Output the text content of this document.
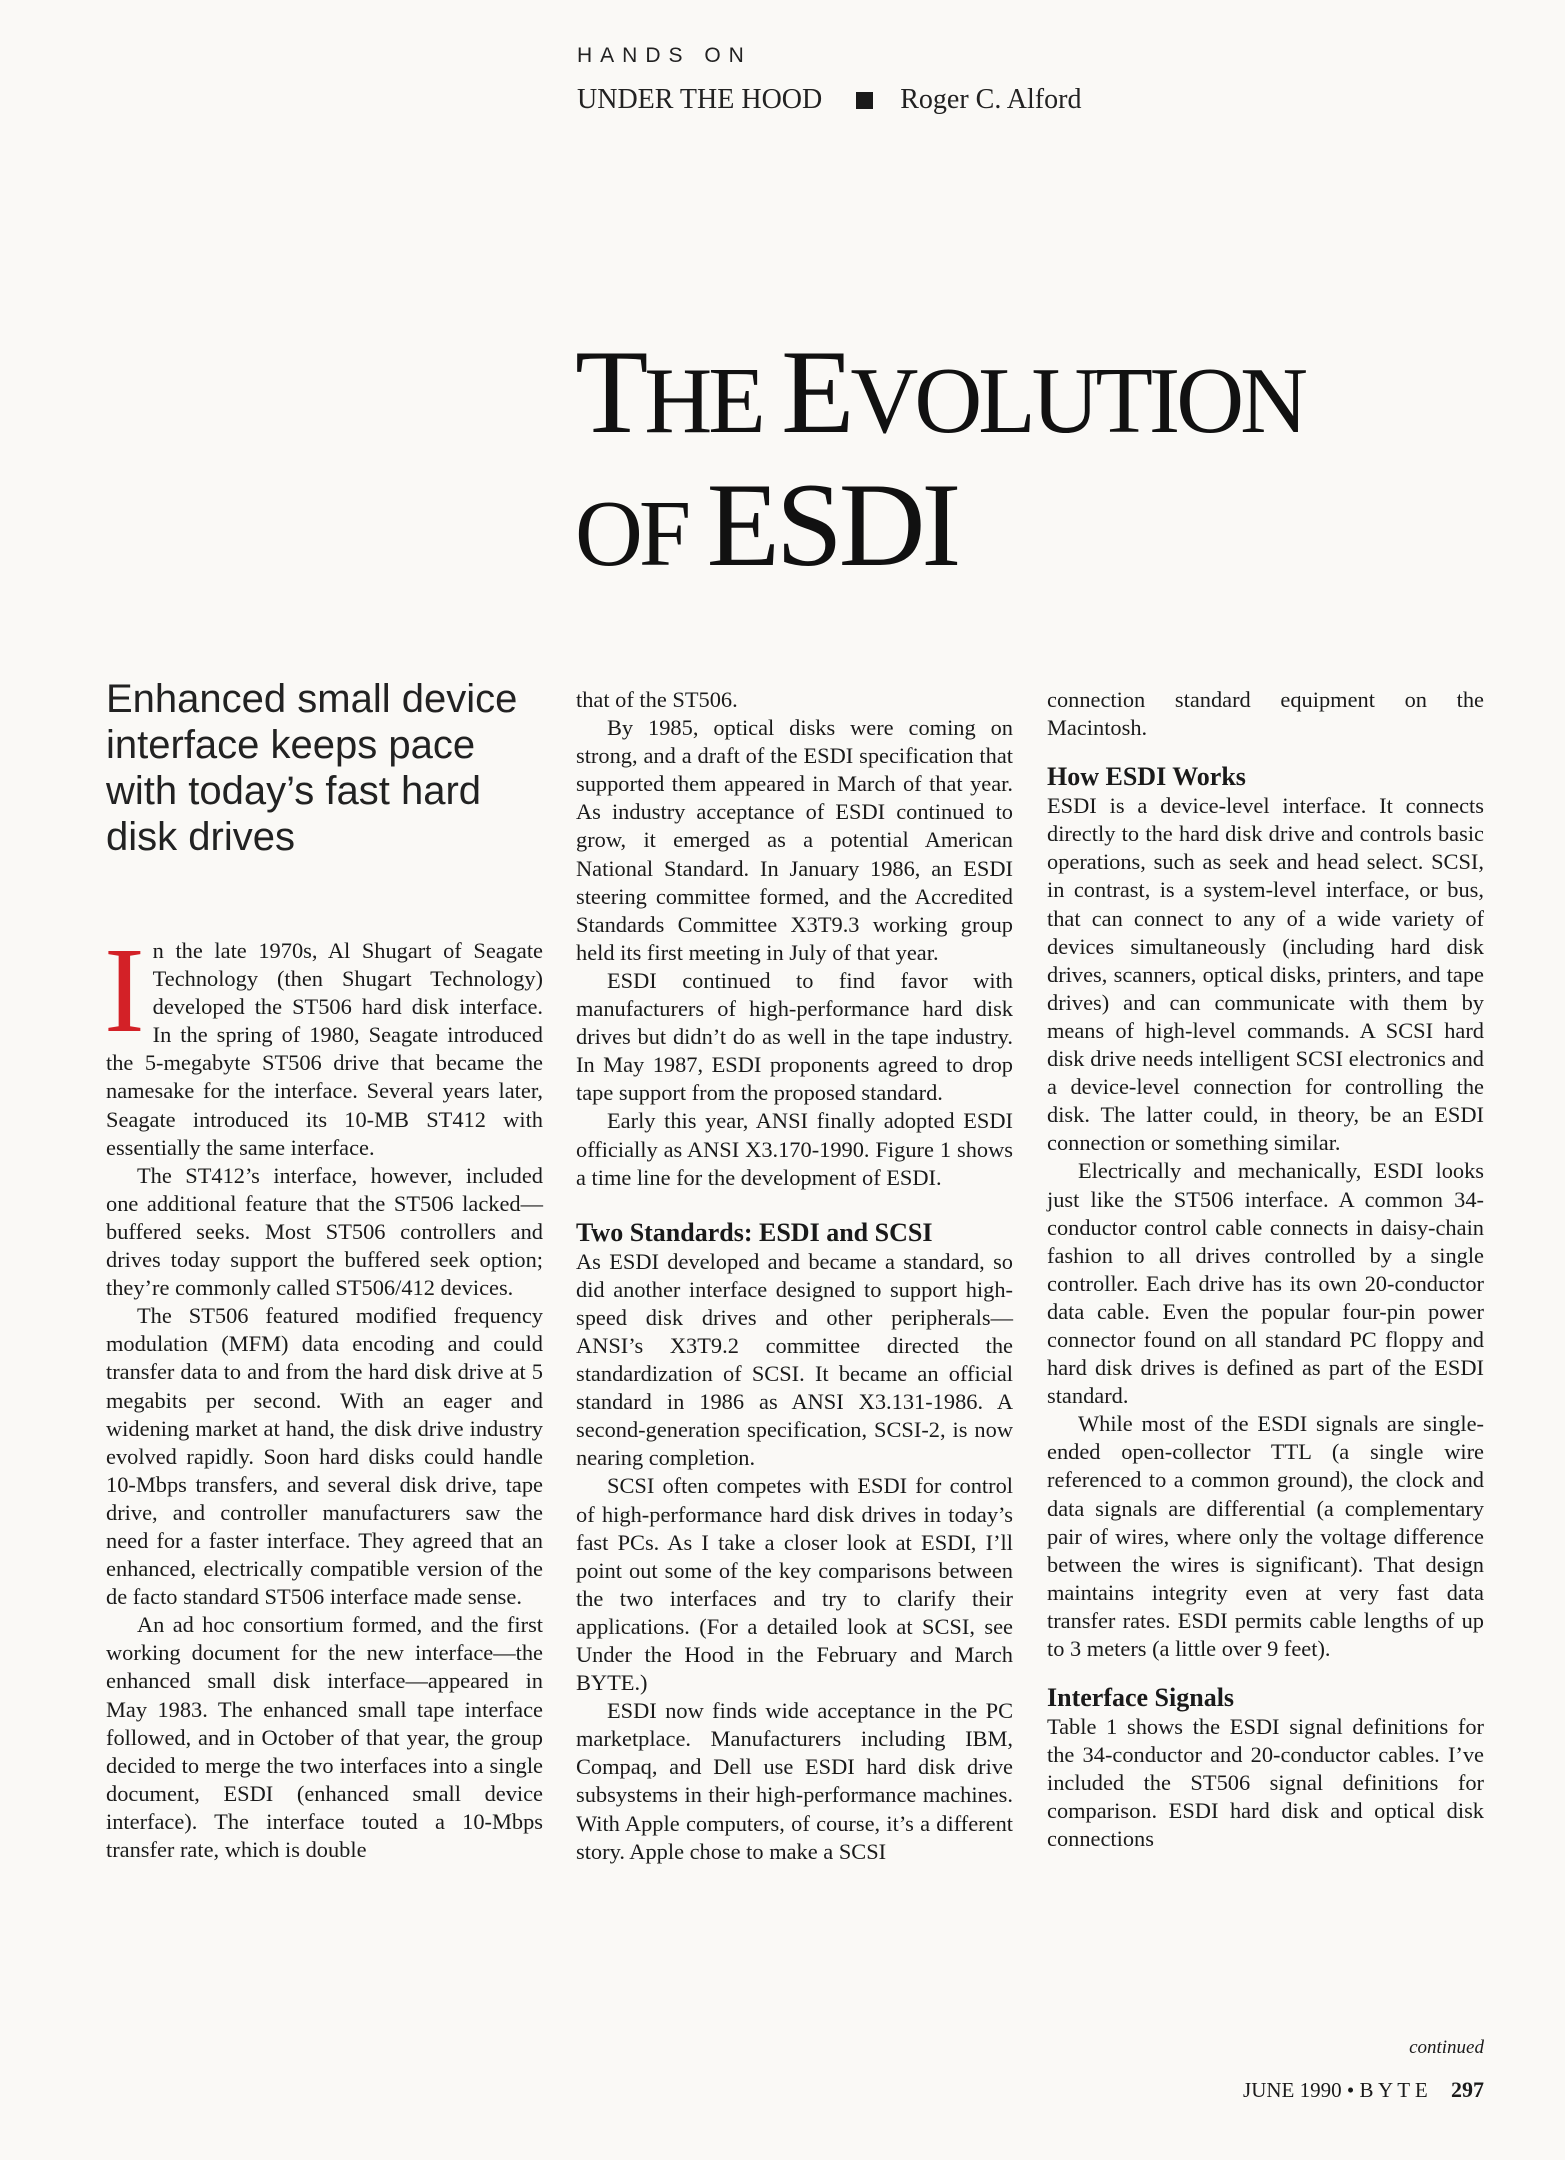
HANDS ON
UNDER THE HOOD	Roger C. Alford
THE EVOLUTION
OF ESDI
Enhanced small device interface keeps pace with today’s fast hard disk drives

In the late 1970s, Al Shugart of Seagate Technology (then Shugart Technology) developed the ST506 hard disk interface. In the spring of 1980, Seagate introduced the 5-megabyte ST506 drive that became the namesake for the interface. Several years later, Seagate introduced its 10-MB ST412 with essentially the same interface.

The ST412’s interface, however, included one additional feature that the ST506 lacked—buffered seeks. Most ST506 controllers and drives today support the buffered seek option; they’re commonly called ST506/412 devices.

The ST506 featured modified frequency modulation (MFM) data encoding and could transfer data to and from the hard disk drive at 5 megabits per second. With an eager and widening market at hand, the disk drive industry evolved rapidly. Soon hard disks could handle 10-Mbps transfers, and several disk drive, tape drive, and controller manufacturers saw the need for a faster interface. They agreed that an enhanced, electrically compatible version of the de facto standard ST506 interface made sense.

An ad hoc consortium formed, and the first working document for the new interface—the enhanced small disk interface—appeared in May 1983. The enhanced small tape interface followed, and in October of that year, the group decided to merge the two interfaces into a single document, ESDI (enhanced small device interface). The interface touted a 10-Mbps transfer rate, which is double

that of the ST506.

By 1985, optical disks were coming on strong, and a draft of the ESDI specification that supported them appeared in March of that year. As industry acceptance of ESDI continued to grow, it emerged as a potential American National Standard. In January 1986, an ESDI steering committee formed, and the Accredited Standards Committee X3T9.3 working group held its first meeting in July of that year.

ESDI continued to find favor with manufacturers of high-performance hard disk drives but didn’t do as well in the tape industry. In May 1987, ESDI proponents agreed to drop tape support from the proposed standard.

Early this year, ANSI finally adopted ESDI officially as ANSI X3.170-1990. Figure 1 shows a time line for the development of ESDI.

Two Standards: ESDI and SCSI

As ESDI developed and became a standard, so did another interface designed to support high-speed disk drives and other peripherals—ANSI’s X3T9.2 committee directed the standardization of SCSI. It became an official standard in 1986 as ANSI X3.131-1986. A second-generation specification, SCSI-2, is now nearing completion.

SCSI often competes with ESDI for control of high-performance hard disk drives in today’s fast PCs. As I take a closer look at ESDI, I’ll point out some of the key comparisons between the two interfaces and try to clarify their applications. (For a detailed look at SCSI, see Under the Hood in the February and March BYTE.)

ESDI now finds wide acceptance in the PC marketplace. Manufacturers including IBM, Compaq, and Dell use ESDI hard disk drive subsystems in their high-performance machines. With Apple computers, of course, it’s a different story. Apple chose to make a SCSI

connection standard equipment on the Macintosh.

How ESDI Works

ESDI is a device-level interface. It connects directly to the hard disk drive and controls basic operations, such as seek and head select. SCSI, in contrast, is a system-level interface, or bus, that can connect to any of a wide variety of devices simultaneously (including hard disk drives, scanners, optical disks, printers, and tape drives) and can communicate with them by means of high-level commands. A SCSI hard disk drive needs intelligent SCSI electronics and a device-level connection for controlling the disk. The latter could, in theory, be an ESDI connection or something similar.

Electrically and mechanically, ESDI looks just like the ST506 interface. A common 34-conductor control cable connects in daisy-chain fashion to all drives controlled by a single controller. Each drive has its own 20-conductor data cable. Even the popular four-pin power connector found on all standard PC floppy and hard disk drives is defined as part of the ESDI standard.

While most of the ESDI signals are single-ended open-collector TTL (a single wire referenced to a common ground), the clock and data signals are differential (a complementary pair of wires, where only the voltage difference between the wires is significant). That design maintains integrity even at very fast data transfer rates. ESDI permits cable lengths of up to 3 meters (a little over 9 feet).

Interface Signals

Table 1 shows the ESDI signal definitions for the 34-conductor and 20-conductor cables. I’ve included the ST506 signal definitions for comparison. ESDI hard disk and optical disk connections

continued
JUNE 1990 • B Y T E 297
